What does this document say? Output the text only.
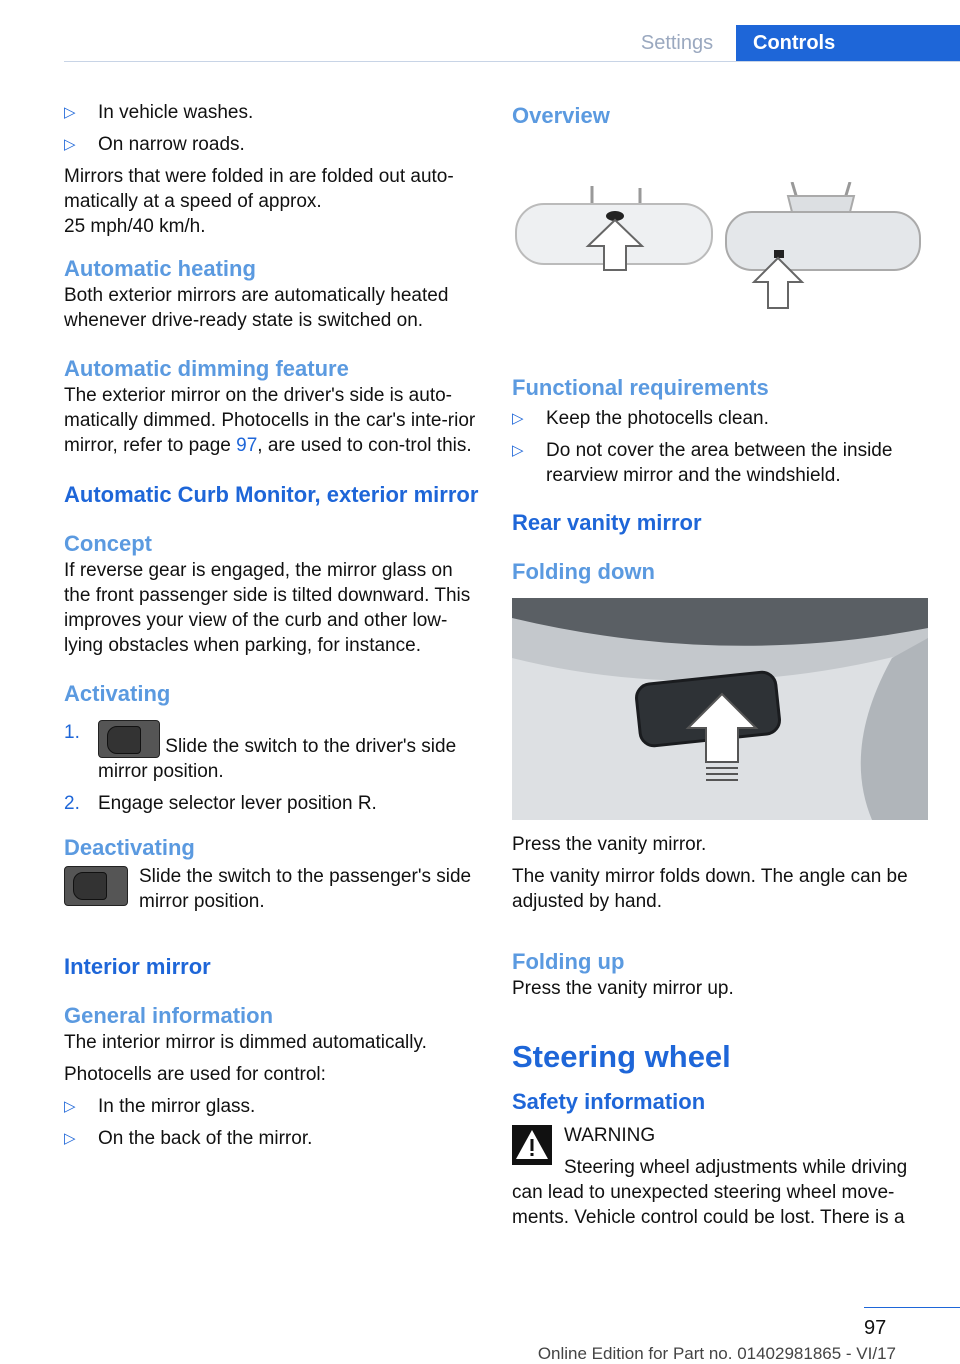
Settings	Controls
▷	In vehicle washes.
▷	On narrow roads.

Mirrors that were folded in are folded out auto-
matically at a speed of approx.
25 mph/40 km/h.

Automatic heating

Both exterior mirrors are automatically heated whenever drive-ready state is switched on.

Automatic dimming feature

The exterior mirror on the driver's side is auto-matically dimmed. Photocells in the car's inte-rior mirror, refer to page 97, are used to con-trol this.

Automatic Curb Monitor, exterior mirror
Concept

If reverse gear is engaged, the mirror glass on the front passenger side is tilted downward. This improves your view of the curb and other low-lying obstacles when parking, for instance.

Activating
1.
Slide the switch to the driver's side mirror position.
2. Engage selector lever position R.
Deactivating

Slide the switch to the passenger's side mirror position.

Interior mirror
General information

The interior mirror is dimmed automatically.

Photocells are used for control:

▷	In the mirror glass.
▷	On the back of the mirror.
Overview
Functional requirements
▷	Keep the photocells clean.
▷	Do not cover the area between the inside rearview mirror and the windshield.
Rear vanity mirror
Folding down

Press the vanity mirror.

The vanity mirror folds down. The angle can be adjusted by hand.

Folding up

Press the vanity mirror up.

Steering wheel
Safety information

WARNING

Steering wheel adjustments while driving

can lead to unexpected steering wheel move-ments. Vehicle control could be lost. There is a

97
Online Edition for Part no. 01402981865 - VI/17
